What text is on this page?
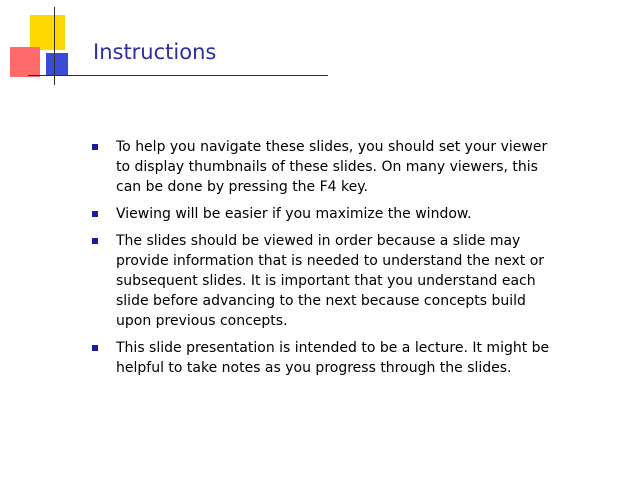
Instructions
To help you navigate these slides, you should set your viewer to display thumbnails of these slides. On many viewers, this can be done by pressing the F4 key.
Viewing will be easier if you maximize the window.
The slides should be viewed in order because a slide may provide information that is needed to understand the next or subsequent slides. It is important that you understand each slide before advancing to the next because concepts build upon previous concepts.
This slide presentation is intended to be a lecture. It might be helpful to take notes as you progress through the slides.
